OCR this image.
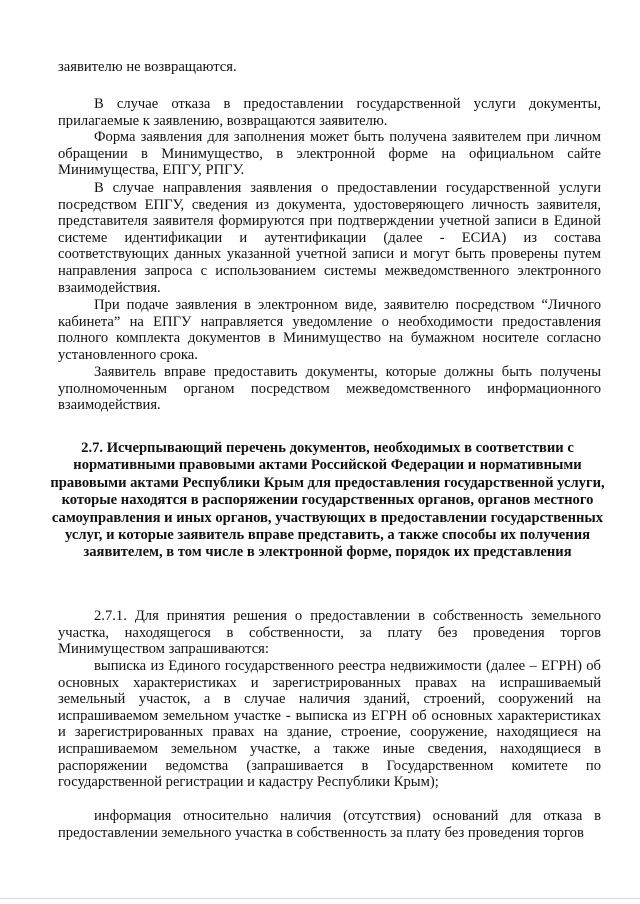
заявителю не возвращаются.

В случае отказа в предоставлении государственной услуги документы, прилагаемые к заявлению, возвращаются заявителю.

Форма заявления для заполнения может быть получена заявителем при личном обращении в Минимущество, в электронной форме на официальном сайте Минимущества, ЕПГУ, РПГУ.

В случае направления заявления о предоставлении государственной услуги посредством ЕПГУ, сведения из документа, удостоверяющего личность заявителя, представителя заявителя формируются при подтверждении учетной записи в Единой системе идентификации и аутентификации (далее - ЕСИА) из состава соответствующих данных указанной учетной записи и могут быть проверены путем направления запроса с использованием системы межведомственного электронного взаимодействия.

При подаче заявления в электронном виде, заявителю посредством “Личного кабинета” на ЕПГУ направляется уведомление о необходимости предоставления полного комплекта документов в Минимущество на бумажном носителе согласно установленного срока.

Заявитель вправе предоставить документы, которые должны быть получены уполномоченным органом посредством межведомственного информационного взаимодействия.

2.7. Исчерпывающий перечень документов, необходимых в соответствии с нормативными правовыми актами Российской Федерации и нормативными правовыми актами Республики Крым для предоставления государственной услуги, которые находятся в распоряжении государственных органов, органов местного самоуправления и иных органов, участвующих в предоставлении государственных услуг, и которые заявитель вправе представить, а также способы их получения заявителем, в том числе в электронной форме, порядок их представления

2.7.1. Для принятия решения о предоставлении в собственность земельного участка, находящегося в собственности, за плату без проведения торгов Минимуществом запрашиваются:

выписка из Единого государственного реестра недвижимости (далее – ЕГРН) об основных характеристиках и зарегистрированных правах на испрашиваемый земельный участок, а в случае наличия зданий, строений, сооружений на испрашиваемом земельном участке - выписка из ЕГРН об основных характеристиках и зарегистрированных правах на здание, строение, сооружение, находящиеся на испрашиваемом земельном участке, а также иные сведения, находящиеся в распоряжении ведомства (запрашивается в Государственном комитете по государственной регистрации и кадастру Республики Крым);

информация относительно наличия (отсутствия) оснований для отказа в предоставлении земельного участка в собственность за плату без проведения торгов
